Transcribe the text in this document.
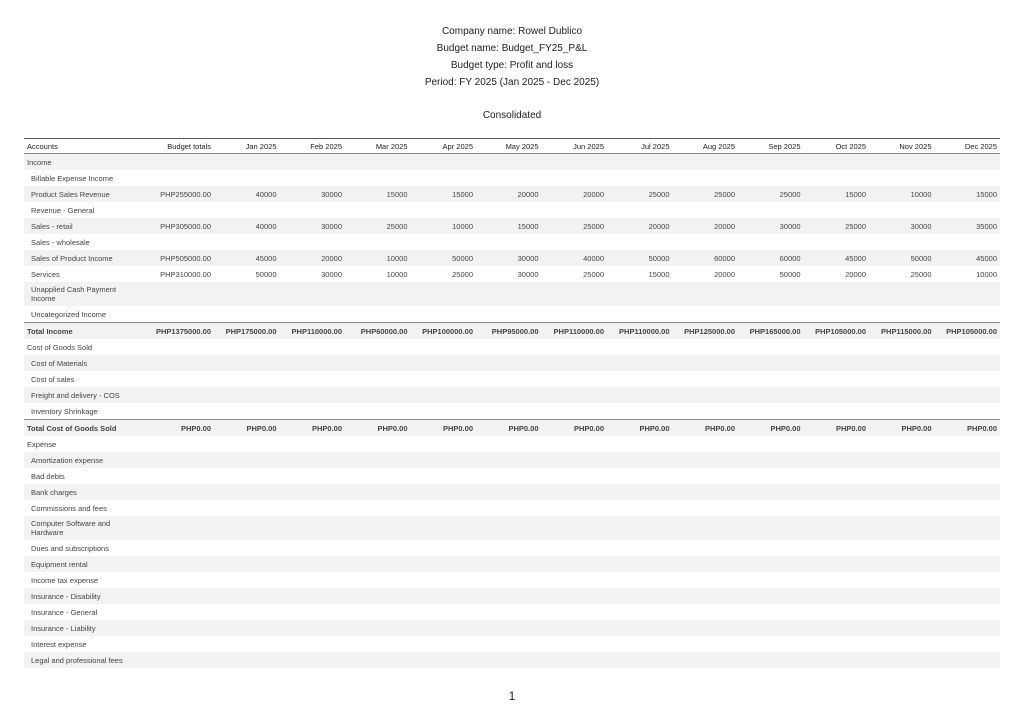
Company name: Rowel Dublico
Budget name: Budget_FY25_P&L
Budget type: Profit and loss
Period: FY 2025 (Jan 2025 - Dec 2025)
Consolidated
Accounts	Budget totals	Jan 2025	Feb 2025	Mar 2025	Apr 2025	May 2025	Jun 2025	Jul 2025	Aug 2025	Sep 2025	Oct 2025	Nov 2025	Dec 2025
Income													
Billable Expense Income													
Product Sales Revenue	PHP255000.00	40000	30000	15000	15000	20000	20000	25000	25000	25000	15000	10000	15000
Revenue - General													
Sales - retail	PHP305000.00	40000	30000	25000	10000	15000	25000	20000	20000	30000	25000	30000	35000
Sales - wholesale													
Sales of Product Income	PHP505000.00	45000	20000	10000	50000	30000	40000	50000	60000	60000	45000	50000	45000
Services	PHP310000.00	50000	30000	10000	25000	30000	25000	15000	20000	50000	20000	25000	10000
Unapplied Cash Payment Income													
Uncategorized Income													
Total Income	PHP1375000.00	PHP175000.00	PHP110000.00	PHP60000.00	PHP100000.00	PHP95000.00	PHP110000.00	PHP110000.00	PHP125000.00	PHP165000.00	PHP105000.00	PHP115000.00	PHP105000.00
Cost of Goods Sold													
Cost of Materials													
Cost of sales													
Freight and delivery - COS													
Inventory Shrinkage													
Total Cost of Goods Sold	PHP0.00	PHP0.00	PHP0.00	PHP0.00	PHP0.00	PHP0.00	PHP0.00	PHP0.00	PHP0.00	PHP0.00	PHP0.00	PHP0.00	PHP0.00
Expense													
Amortization expense													
Bad debts													
Bank charges													
Commissions and fees													
Computer Software and Hardware													
Dues and subscriptions													
Equipment rental													
Income tax expense													
Insurance - Disability													
Insurance - General													
Insurance - Liability													
Interest expense													
Legal and professional fees													
1
